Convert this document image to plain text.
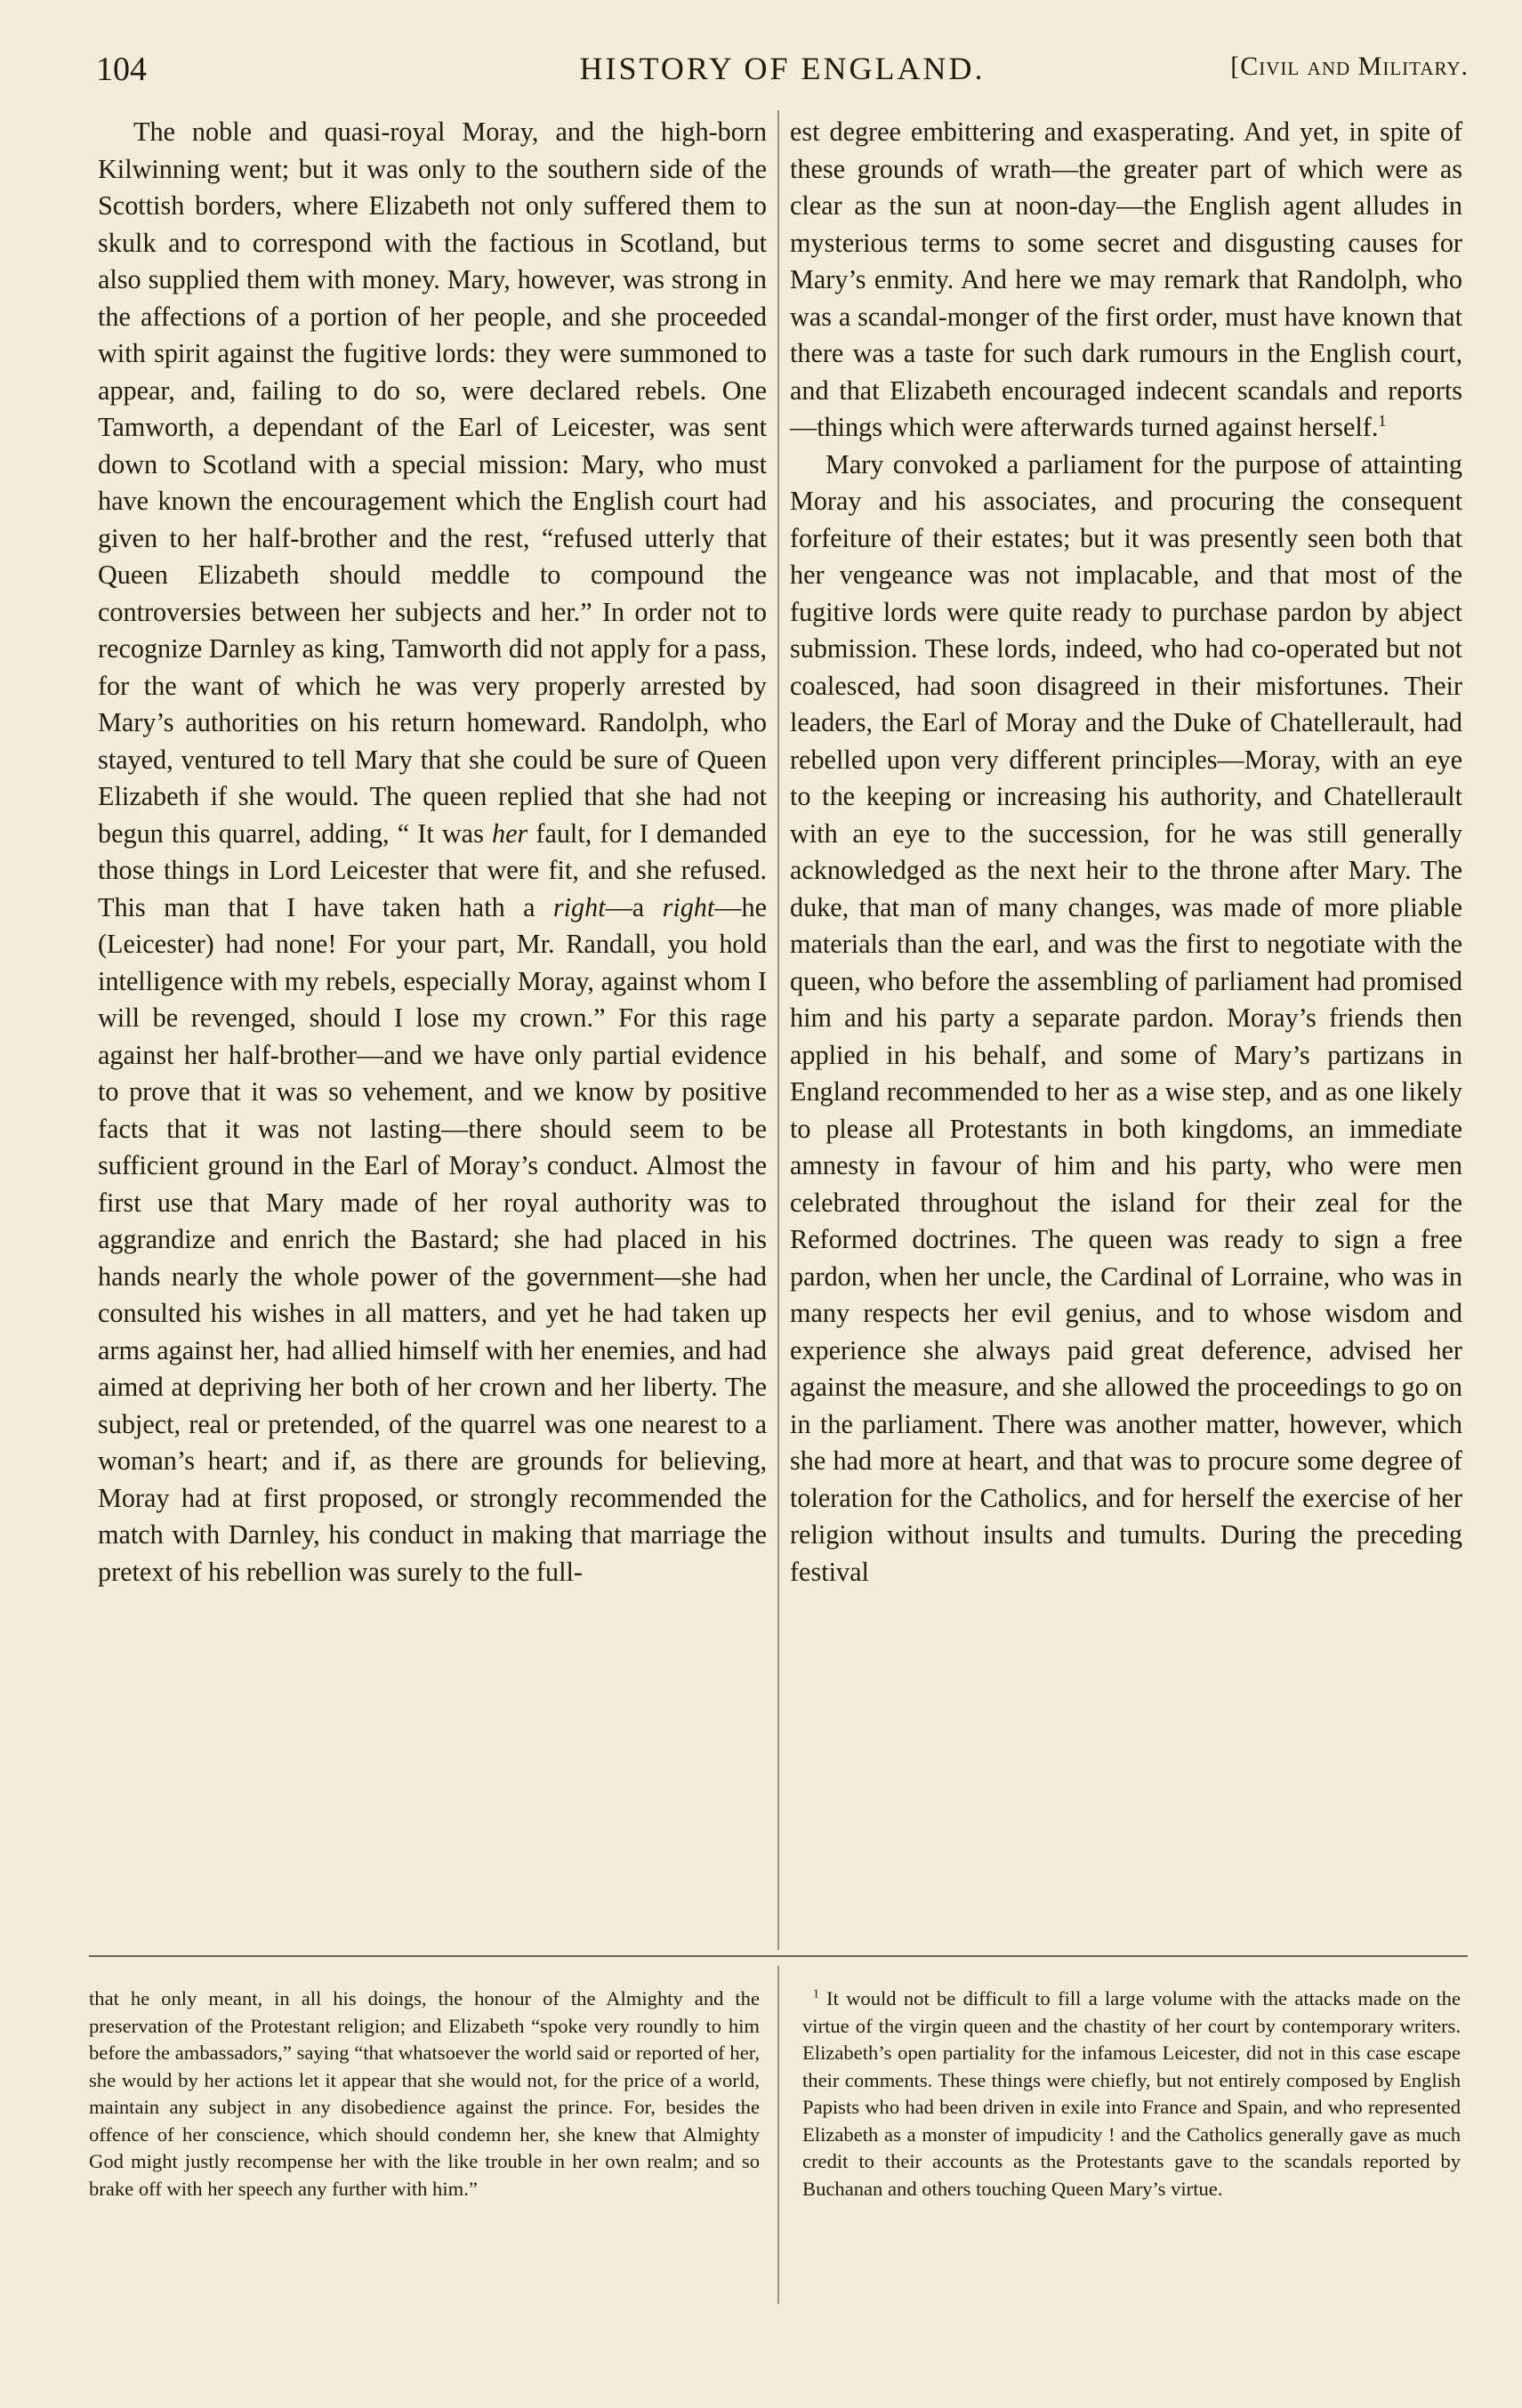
104	HISTORY OF ENGLAND.	[Civil and Military.

The noble and quasi-royal Moray, and the high-born Kilwinning went; but it was only to the southern side of the Scottish borders, where Elizabeth not only suffered them to skulk and to correspond with the factious in Scotland, but also supplied them with money. Mary, however, was strong in the affections of a portion of her people, and she proceeded with spirit against the fugitive lords: they were summoned to appear, and, failing to do so, were declared rebels. One Tamworth, a dependant of the Earl of Leicester, was sent down to Scotland with a special mission: Mary, who must have known the encouragement which the English court had given to her half-brother and the rest, “refused utterly that Queen Elizabeth should meddle to compound the controversies between her subjects and her.” In order not to recognize Darnley as king, Tamworth did not apply for a pass, for the want of which he was very properly arrested by Mary’s authorities on his return homeward. Randolph, who stayed, ventured to tell Mary that she could be sure of Queen Elizabeth if she would. The queen replied that she had not begun this quarrel, adding, “ It was her fault, for I demanded those things in Lord Leicester that were fit, and she refused. This man that I have taken hath a right—a right—he (Leicester) had none! For your part, Mr. Randall, you hold intelligence with my rebels, especially Moray, against whom I will be revenged, should I lose my crown.” For this rage against her half-brother—and we have only partial evidence to prove that it was so vehement, and we know by positive facts that it was not lasting—there should seem to be sufficient ground in the Earl of Moray’s conduct. Almost the first use that Mary made of her royal authority was to aggrandize and enrich the Bastard; she had placed in his hands nearly the whole power of the government—she had consulted his wishes in all matters, and yet he had taken up arms against her, had allied himself with her enemies, and had aimed at depriving her both of her crown and her liberty. The subject, real or pretended, of the quarrel was one nearest to a woman’s heart; and if, as there are grounds for believing, Moray had at first proposed, or strongly recommended the match with Darnley, his conduct in making that marriage the pretext of his rebellion was surely to the full-

est degree embittering and exasperating. And yet, in spite of these grounds of wrath—the greater part of which were as clear as the sun at noon-day—the English agent alludes in mysterious terms to some secret and disgusting causes for Mary’s enmity. And here we may remark that Randolph, who was a scandal-monger of the first order, must have known that there was a taste for such dark rumours in the English court, and that Elizabeth encouraged indecent scandals and reports—things which were afterwards turned against herself.$^1$

Mary convoked a parliament for the purpose of attainting Moray and his associates, and procuring the consequent forfeiture of their estates; but it was presently seen both that her vengeance was not implacable, and that most of the fugitive lords were quite ready to purchase pardon by abject submission. These lords, indeed, who had co-operated but not coalesced, had soon disagreed in their misfortunes. Their leaders, the Earl of Moray and the Duke of Chatellerault, had rebelled upon very different principles—Moray, with an eye to the keeping or increasing his authority, and Chatellerault with an eye to the succession, for he was still generally acknowledged as the next heir to the throne after Mary. The duke, that man of many changes, was made of more pliable materials than the earl, and was the first to negotiate with the queen, who before the assembling of parliament had promised him and his party a separate pardon. Moray’s friends then applied in his behalf, and some of Mary’s partizans in England recommended to her as a wise step, and as one likely to please all Protestants in both kingdoms, an immediate amnesty in favour of him and his party, who were men celebrated throughout the island for their zeal for the Reformed doctrines. The queen was ready to sign a free pardon, when her uncle, the Cardinal of Lorraine, who was in many respects her evil genius, and to whose wisdom and experience she always paid great deference, advised her against the measure, and she allowed the proceedings to go on in the parliament. There was another matter, however, which she had more at heart, and that was to procure some degree of toleration for the Catholics, and for herself the exercise of her religion without insults and tumults. During the preceding festival

that he only meant, in all his doings, the honour of the Almighty and the preservation of the Protestant religion; and Elizabeth “spoke very roundly to him before the ambassadors,” saying “that whatsoever the world said or reported of her, she would by her actions let it appear that she would not, for the price of a world, maintain any subject in any disobedience against the prince. For, besides the offence of her conscience, which should condemn her, she knew that Almighty God might justly recompense her with the like trouble in her own realm; and so brake off with her speech any further with him.”

$^1$ It would not be difficult to fill a large volume with the attacks made on the virtue of the virgin queen and the chastity of her court by contemporary writers. Elizabeth’s open partiality for the infamous Leicester, did not in this case escape their comments. These things were chiefly, but not entirely composed by English Papists who had been driven in exile into France and Spain, and who represented Elizabeth as a monster of impudicity ! and the Catholics generally gave as much credit to their accounts as the Protestants gave to the scandals reported by Buchanan and others touching Queen Mary’s virtue.
